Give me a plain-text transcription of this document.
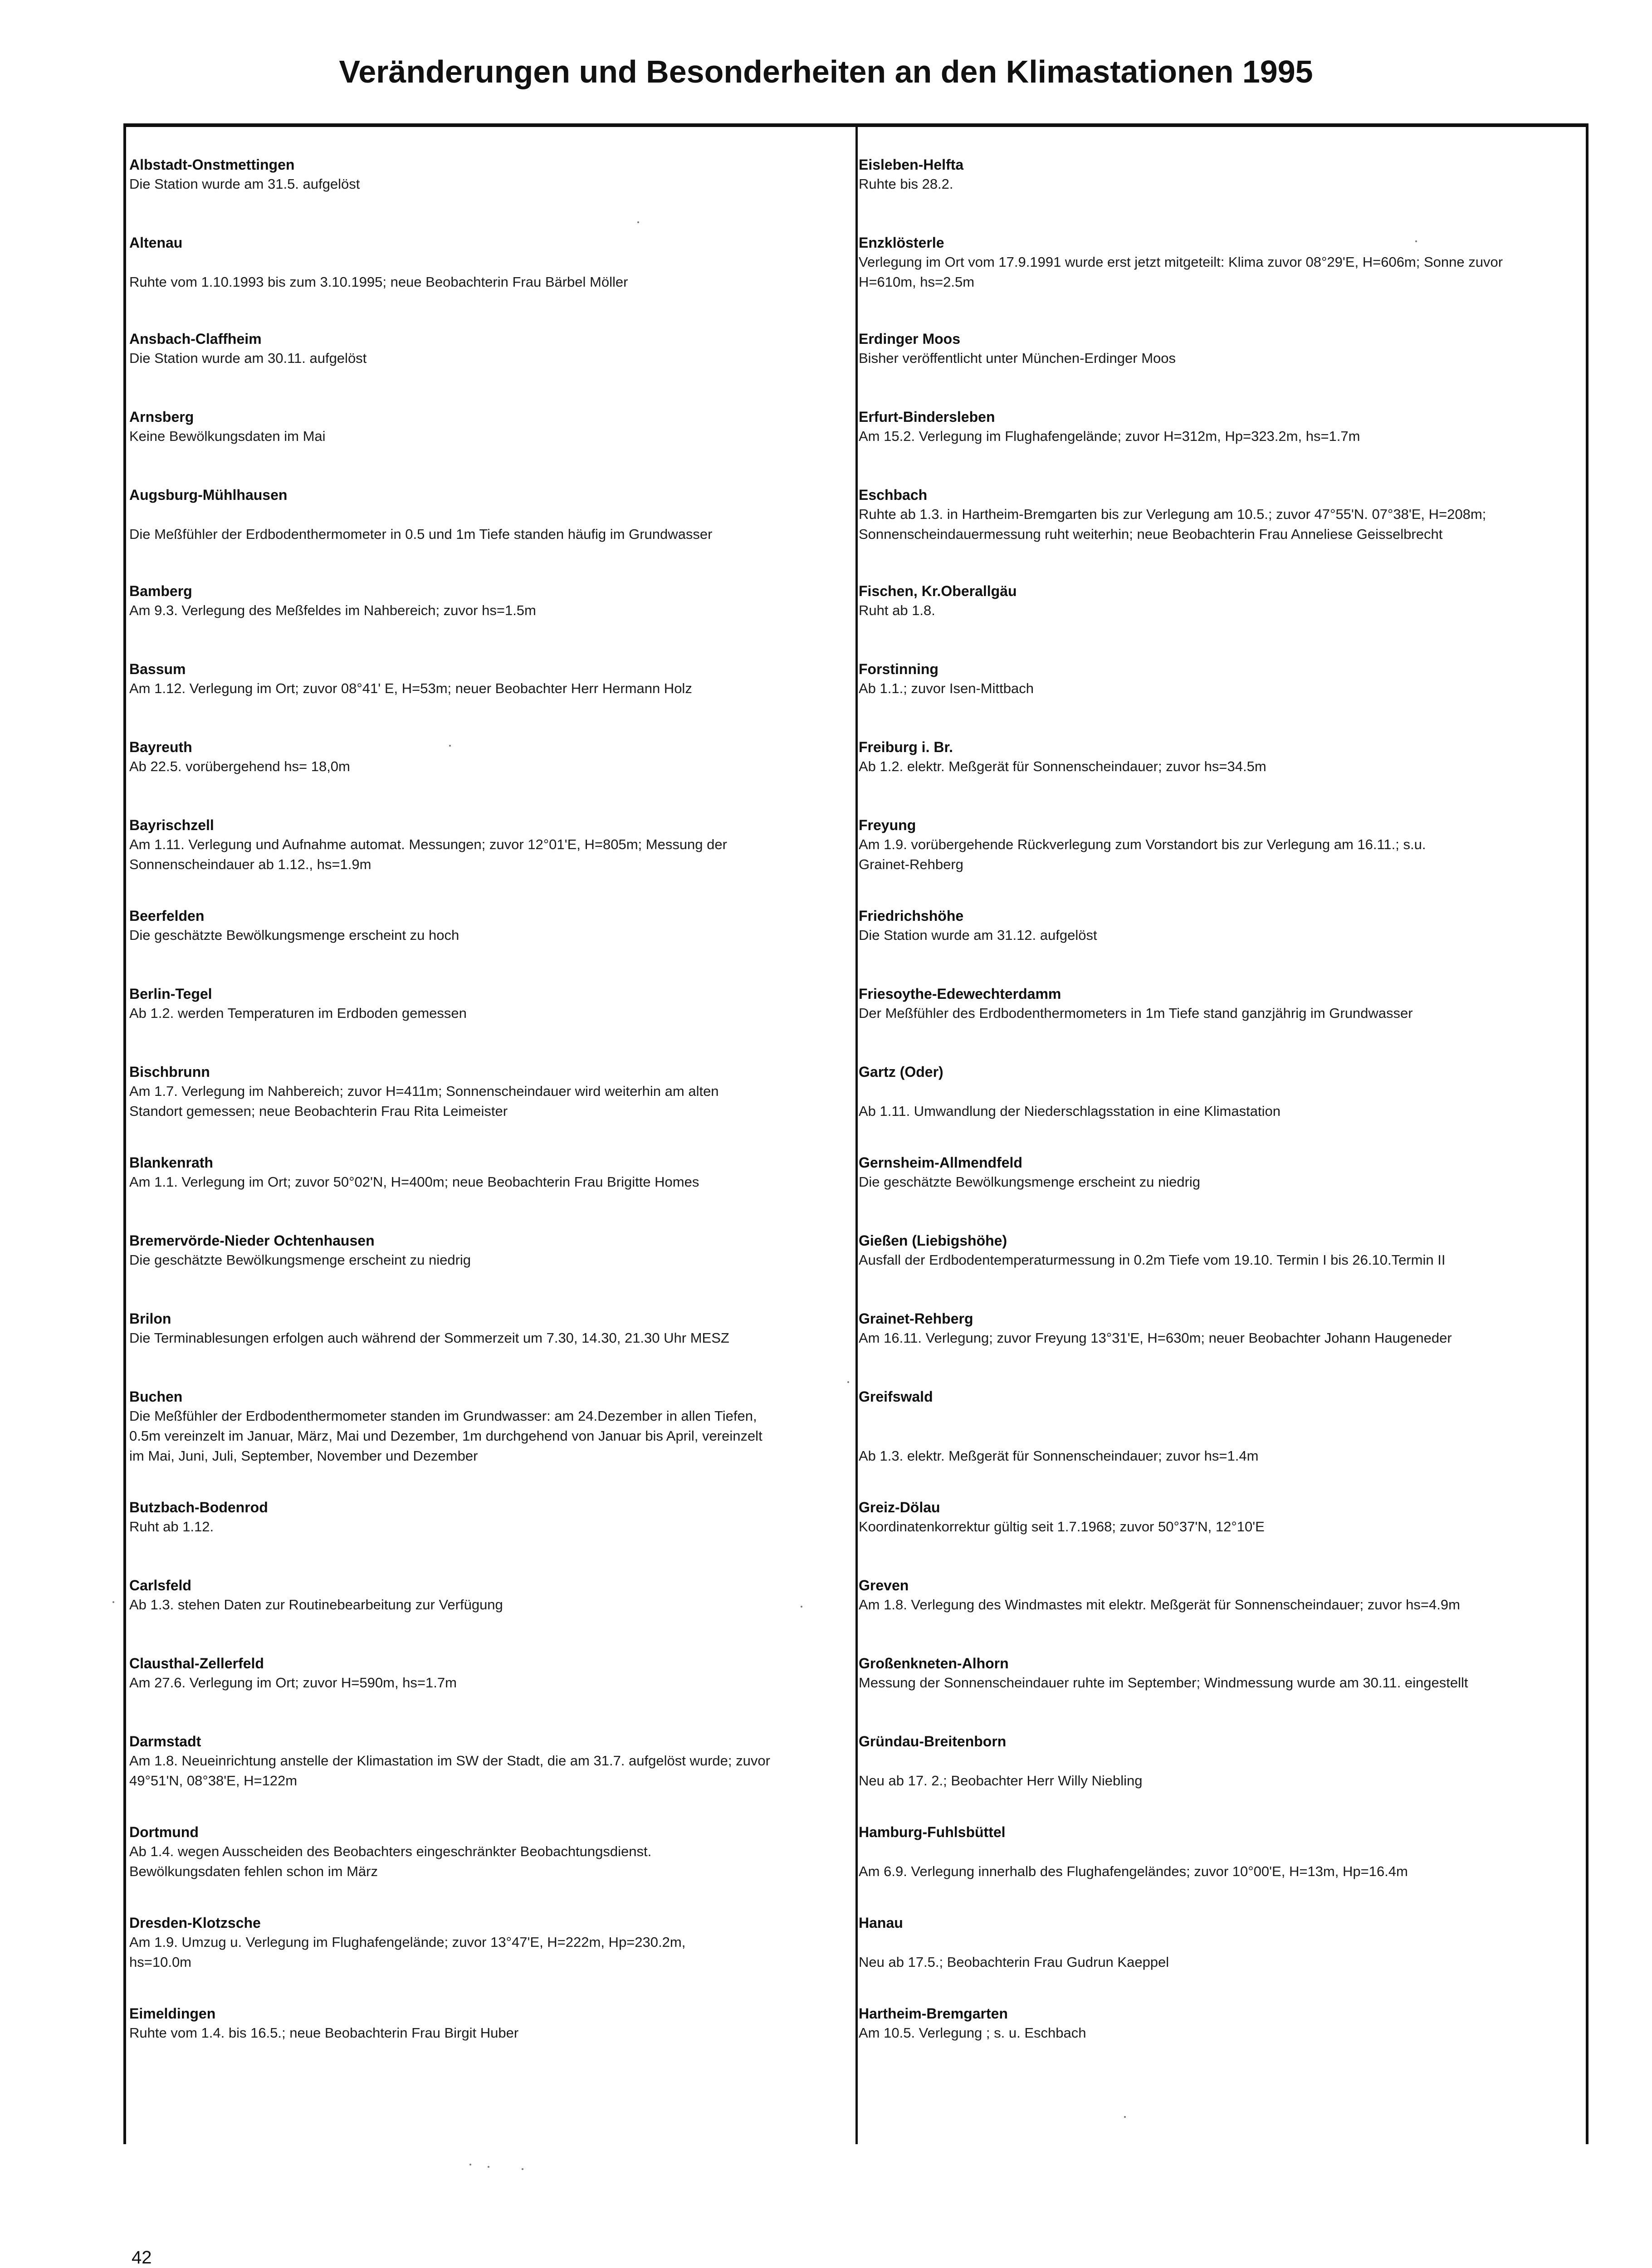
Veränderungen und Besonderheiten an den Klimastationen 1995
Albstadt-Onstmettingen
Die Station wurde am 31.5. aufgelöst
Altenau
Ruhte vom 1.10.1993 bis zum 3.10.1995; neue Beobachterin Frau Bärbel Möller
Ansbach-Claffheim
Die Station wurde am 30.11. aufgelöst
Arnsberg
Keine Bewölkungsdaten im Mai
Augsburg-Mühlhausen
Die Meßfühler der Erdbodenthermometer in 0.5 und 1m Tiefe standen häufig im Grundwasser
Bamberg
Am 9.3. Verlegung des Meßfeldes im Nahbereich; zuvor hs=1.5m
Bassum
Am 1.12. Verlegung im Ort; zuvor 08°41' E, H=53m; neuer Beobachter Herr Hermann Holz
Bayreuth
Ab 22.5. vorübergehend hs= 18,0m
Bayrischzell
Am 1.11. Verlegung und Aufnahme automat. Messungen; zuvor 12°01'E, H=805m; Messung der
Sonnenscheindauer ab 1.12., hs=1.9m
Beerfelden
Die geschätzte Bewölkungsmenge erscheint zu hoch
Berlin-Tegel
Ab 1.2. werden Temperaturen im Erdboden gemessen
Bischbrunn
Am 1.7. Verlegung im Nahbereich; zuvor H=411m; Sonnenscheindauer wird weiterhin am alten
Standort gemessen; neue Beobachterin Frau Rita Leimeister
Blankenrath
Am 1.1. Verlegung im Ort; zuvor 50°02'N, H=400m; neue Beobachterin Frau Brigitte Homes
Bremervörde-Nieder Ochtenhausen
Die geschätzte Bewölkungsmenge erscheint zu niedrig
Brilon
Die Terminablesungen erfolgen auch während der Sommerzeit um 7.30, 14.30, 21.30 Uhr MESZ
Buchen
Die Meßfühler der Erdbodenthermometer standen im Grundwasser: am 24.Dezember in allen Tiefen,
0.5m vereinzelt im Januar, März, Mai und Dezember, 1m durchgehend von Januar bis April, vereinzelt
im Mai, Juni, Juli, September, November und Dezember
Butzbach-Bodenrod
Ruht ab 1.12.
Carlsfeld
Ab 1.3. stehen Daten zur Routinebearbeitung zur Verfügung
Clausthal-Zellerfeld
Am 27.6. Verlegung im Ort; zuvor H=590m, hs=1.7m
Darmstadt
Am 1.8. Neueinrichtung anstelle der Klimastation im SW der Stadt, die am 31.7. aufgelöst wurde; zuvor
49°51'N, 08°38'E, H=122m
Dortmund
Ab 1.4. wegen Ausscheiden des Beobachters eingeschränkter Beobachtungsdienst.
Bewölkungsdaten fehlen schon im März
Dresden-Klotzsche
Am 1.9. Umzug u. Verlegung im Flughafengelände; zuvor 13°47'E, H=222m, Hp=230.2m,
hs=10.0m
Eimeldingen
Ruhte vom 1.4. bis 16.5.; neue Beobachterin Frau Birgit Huber
Eisleben-Helfta
Ruhte bis 28.2.
Enzklösterle
Verlegung im Ort vom 17.9.1991 wurde erst jetzt mitgeteilt: Klima zuvor 08°29'E, H=606m; Sonne zuvor
H=610m, hs=2.5m
Erdinger Moos
Bisher veröffentlicht unter München-Erdinger Moos
Erfurt-Bindersleben
Am 15.2. Verlegung im Flughafengelände; zuvor H=312m, Hp=323.2m, hs=1.7m
Eschbach
Ruhte ab 1.3. in Hartheim-Bremgarten bis zur Verlegung am 10.5.; zuvor 47°55'N. 07°38'E, H=208m;
Sonnenscheindauermessung ruht weiterhin; neue Beobachterin Frau Anneliese Geisselbrecht
Fischen, Kr.Oberallgäu
Ruht ab 1.8.
Forstinning
Ab 1.1.; zuvor Isen-Mittbach
Freiburg i. Br.
Ab 1.2. elektr. Meßgerät für Sonnenscheindauer; zuvor hs=34.5m
Freyung
Am 1.9. vorübergehende Rückverlegung zum Vorstandort bis zur Verlegung am 16.11.; s.u.
Grainet-Rehberg
Friedrichshöhe
Die Station wurde am 31.12. aufgelöst
Friesoythe-Edewechterdamm
Der Meßfühler des Erdbodenthermometers in 1m Tiefe stand ganzjährig im Grundwasser
Gartz (Oder)
Ab 1.11. Umwandlung der Niederschlagsstation in eine Klimastation
Gernsheim-Allmendfeld
Die geschätzte Bewölkungsmenge erscheint zu niedrig
Gießen (Liebigshöhe)
Ausfall der Erdbodentemperaturmessung in 0.2m Tiefe vom 19.10. Termin I bis 26.10.Termin II
Grainet-Rehberg
Am 16.11. Verlegung; zuvor Freyung 13°31'E, H=630m; neuer Beobachter Johann Haugeneder
Greifswald
Ab 1.3. elektr. Meßgerät für Sonnenscheindauer; zuvor hs=1.4m
Greiz-Dölau
Koordinatenkorrektur gültig seit 1.7.1968; zuvor 50°37'N, 12°10'E
Greven
Am 1.8. Verlegung des Windmastes mit elektr. Meßgerät für Sonnenscheindauer; zuvor hs=4.9m
Großenkneten-Alhorn
Messung der Sonnenscheindauer ruhte im September; Windmessung wurde am 30.11. eingestellt
Gründau-Breitenborn
Neu ab 17. 2.; Beobachter Herr Willy Niebling
Hamburg-Fuhlsbüttel
Am 6.9. Verlegung innerhalb des Flughafengeländes; zuvor 10°00'E, H=13m, Hp=16.4m
Hanau
Neu ab 17.5.; Beobachterin Frau Gudrun Kaeppel
Hartheim-Bremgarten
Am 10.5. Verlegung ; s. u. Eschbach
42
